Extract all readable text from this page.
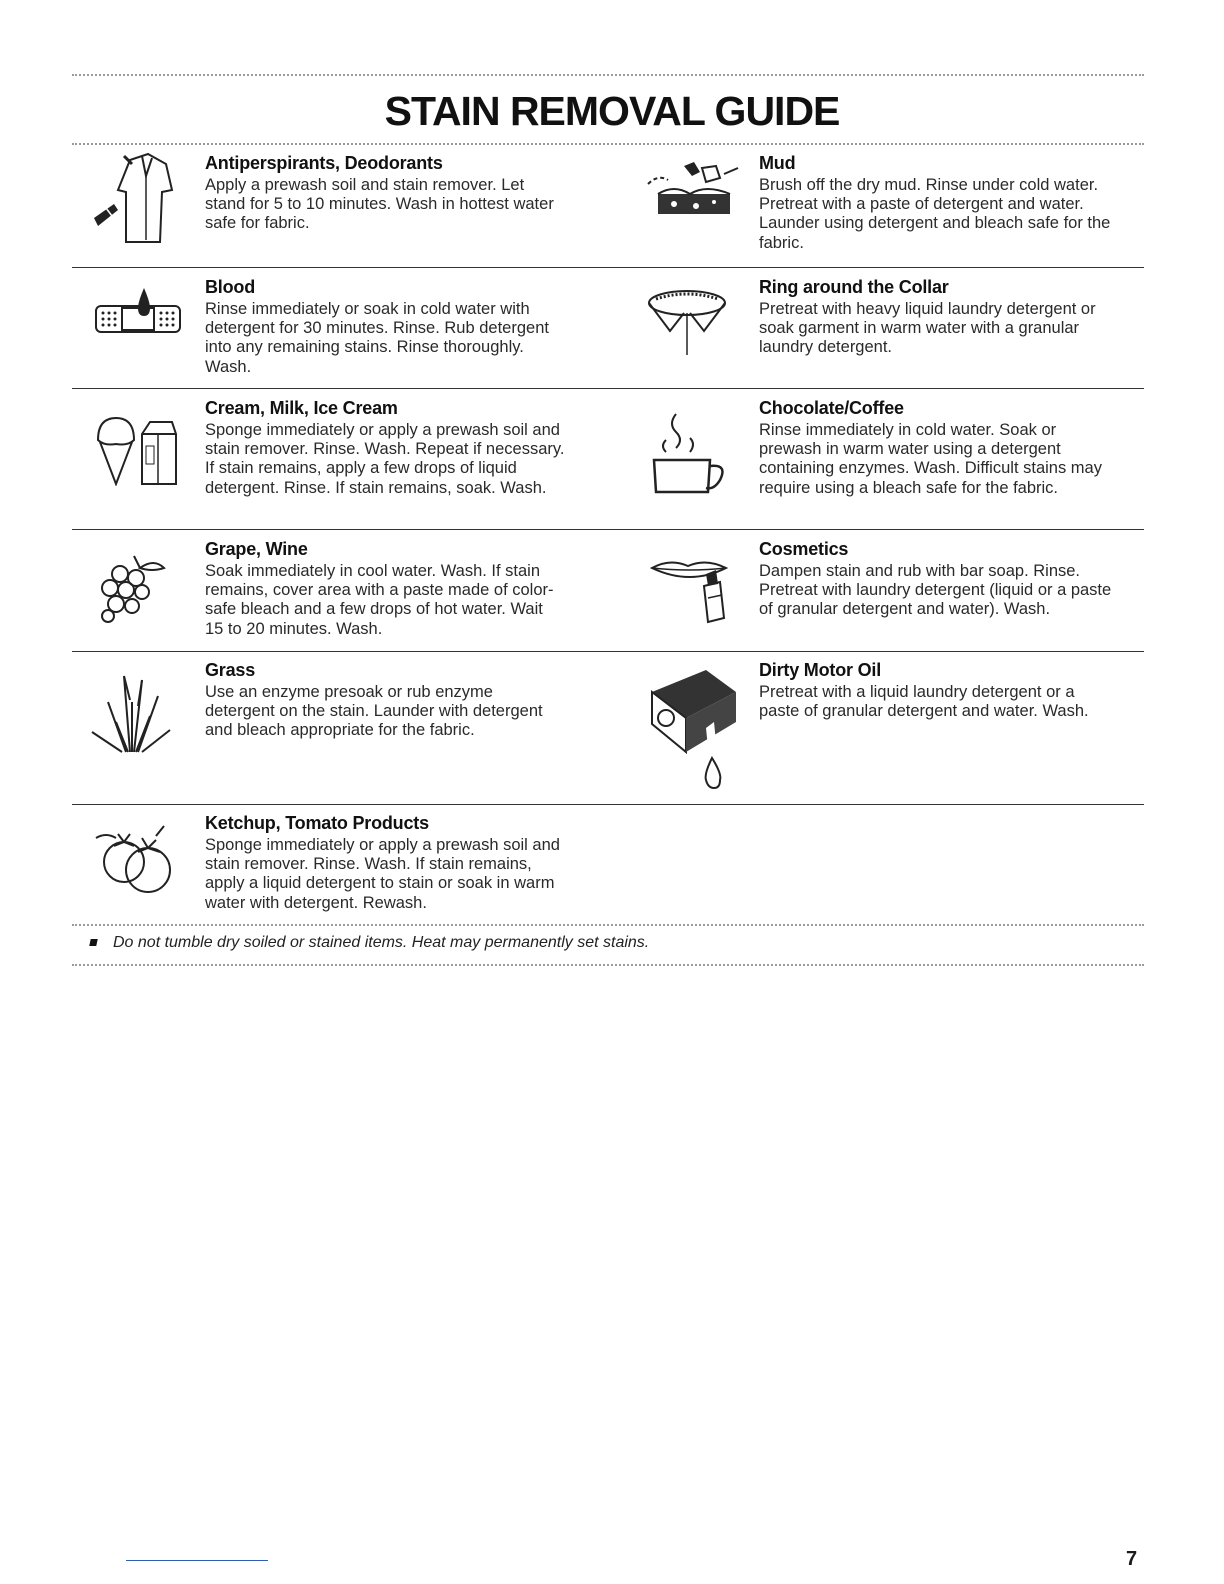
STAIN REMOVAL GUIDE
Antiperspirants, Deodorants

Apply a prewash soil and stain remover. Let stand for 5 to 10 minutes. Wash in hottest water safe for fabric.

Mud

Brush off the dry mud. Rinse under cold water. Pretreat with a paste of detergent and water. Launder using detergent and bleach safe for the fabric.

Blood

Rinse immediately or soak in cold water with detergent for 30 minutes. Rinse. Rub detergent into any remaining stains. Rinse thoroughly. Wash.

Ring around the Collar

Pretreat with heavy liquid laundry detergent or soak garment in warm water with a granular laundry detergent.

Cream, Milk, Ice Cream

Sponge immediately or apply a prewash soil and stain remover. Rinse. Wash. Repeat if necessary. If stain remains, apply a few drops of liquid detergent. Rinse. If stain remains, soak. Wash.

Chocolate/Coffee

Rinse immediately in cold water. Soak or prewash in warm water using a detergent containing enzymes. Wash. Difficult stains may require using a bleach safe for the fabric.

Grape, Wine

Soak immediately in cool water. Wash. If stain remains, cover area with a paste made of color-safe bleach and a few drops of hot water. Wait 15 to 20 minutes. Wash.

Cosmetics

Dampen stain and rub with bar soap. Rinse. Pretreat with laundry detergent (liquid or a paste of granular detergent and water). Wash.

Grass

Use an enzyme presoak or rub enzyme detergent on the stain. Launder with detergent and bleach appropriate for the fabric.

Dirty Motor Oil

Pretreat with a liquid laundry detergent or a paste of granular detergent and water. Wash.

Ketchup, Tomato Products

Sponge immediately or apply a prewash soil and stain remover. Rinse. Wash. If stain remains, apply a liquid detergent to stain or soak in warm water with detergent. Rewash.

Do not tumble dry soiled or stained items. Heat may permanently set stains.
7
